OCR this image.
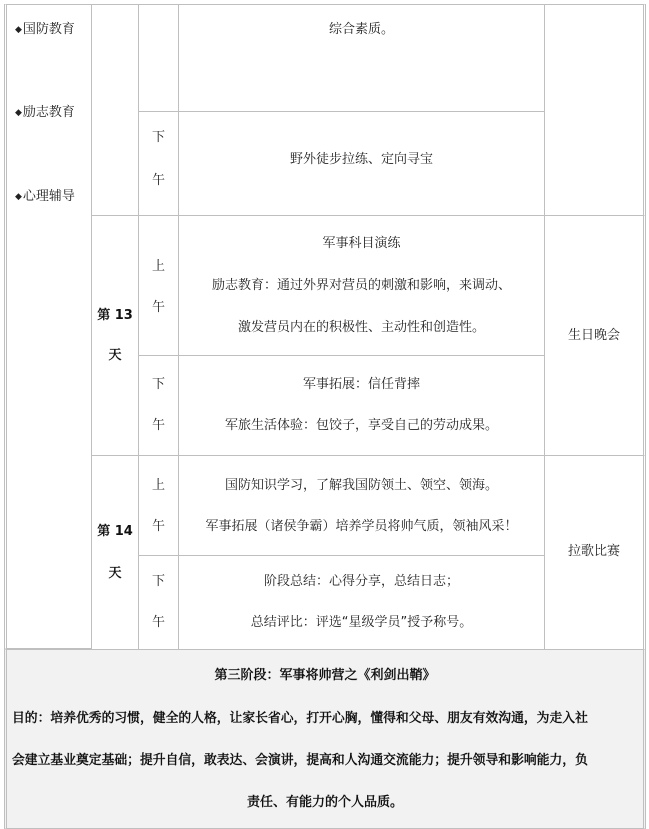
◆国防教育
◆励志教育
◆心理辅导
综合素质。
下
午
野外徒步拉练、定向寻宝
第 13
天
上
午
军事科目演练
励志教育：通过外界对营员的刺激和影响，来调动、
激发营员内在的积极性、主动性和创造性。
下
午
军事拓展：信任背摔
军旅生活体验：包饺子，享受自己的劳动成果。
生日晚会
第 14
天
上
午
国防知识学习，了解我国防领土、领空、领海。
军事拓展（诸侯争霸）培养学员将帅气质，领袖风采！
下
午
阶段总结：心得分享，总结日志；
总结评比：评选“星级学员”授予称号。
拉歌比赛
第三阶段：军事将帅营之《利剑出鞘》
目的：培养优秀的习惯，健全的人格，让家长省心，打开心胸，懂得和父母、朋友有效沟通，为走入社
会建立基业奠定基础；提升自信，敢表达、会演讲，提高和人沟通交流能力；提升领导和影响能力，负
责任、有能力的个人品质。
